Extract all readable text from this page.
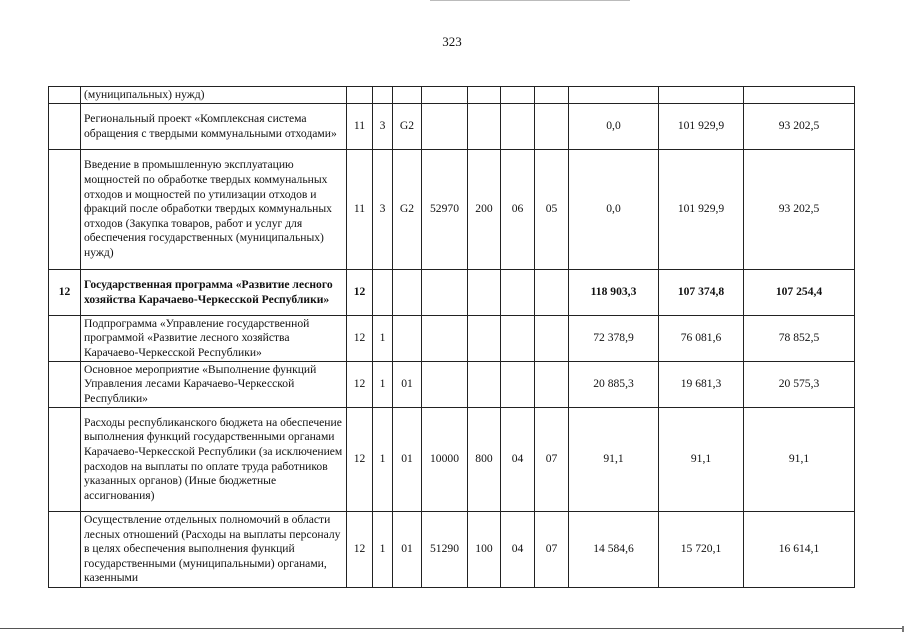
323
	(муниципальных) нужд)										
	Региональный проект «Комплексная система обращения с твердыми коммунальными отходами»	11	3	G2					0,0	101 929,9	93 202,5
	Введение в промышленную эксплуатацию мощностей по обработке твердых коммунальных отходов и мощностей по утилизации отходов и фракций после обработки твердых коммунальных отходов (Закупка товаров, работ и услуг для обеспечения государственных (муниципальных) нужд)	11	3	G2	52970	200	06	05	0,0	101 929,9	93 202,5
12	Государственная программа «Развитие лесного хозяйства Карачаево-Черкесской Республики»	12							118 903,3	107 374,8	107 254,4
	Подпрограмма «Управление государственной программой «Развитие лесного хозяйства Карачаево-Черкесской Республики»	12	1						72 378,9	76 081,6	78 852,5
	Основное мероприятие «Выполнение функций Управления лесами Карачаево-Черкесской Республики»	12	1	01					20 885,3	19 681,3	20 575,3
	Расходы республиканского бюджета на обеспечение выполнения функций государственными органами Карачаево-Черкесской Республики (за исключением расходов на выплаты по оплате труда работников указанных органов) (Иные бюджетные ассигнования)	12	1	01	10000	800	04	07	91,1	91,1	91,1
	Осуществление отдельных полномочий в области лесных отношений (Расходы на выплаты персоналу в целях обеспечения выполнения функций государственными (муниципальными) органами, казенными	12	1	01	51290	100	04	07	14 584,6	15 720,1	16 614,1
